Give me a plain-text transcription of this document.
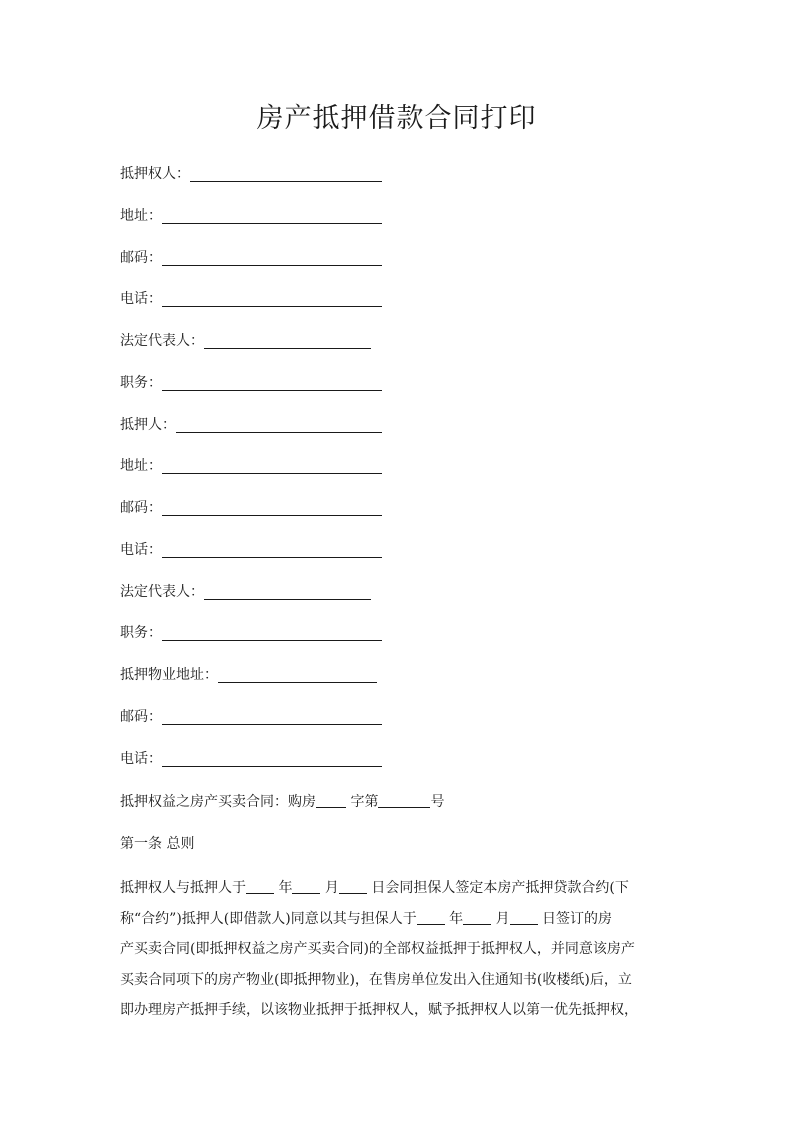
房产抵押借款合同打印
抵押权人：
地址：
邮码：
电话：
法定代表人：
职务：
抵押人：
地址：
邮码：
电话：
法定代表人：
职务：
抵押物业地址：
邮码：
电话：
抵押权益之房产买卖合同：购房 字第	号
第一条 总则
抵押权人与抵押人于 年 月 日会同担保人签定本房产抵押贷款合约(下
称“合约”)抵押人(即借款人)同意以其与担保人于 年 月 日签订的房
产买卖合同(即抵押权益之房产买卖合同)的全部权益抵押于抵押权人，并同意该房产
买卖合同项下的房产物业(即抵押物业)，在售房单位发出入住通知书(收楼纸)后，立
即办理房产抵押手续，以该物业抵押于抵押权人，赋予抵押权人以第一优先抵押权，
